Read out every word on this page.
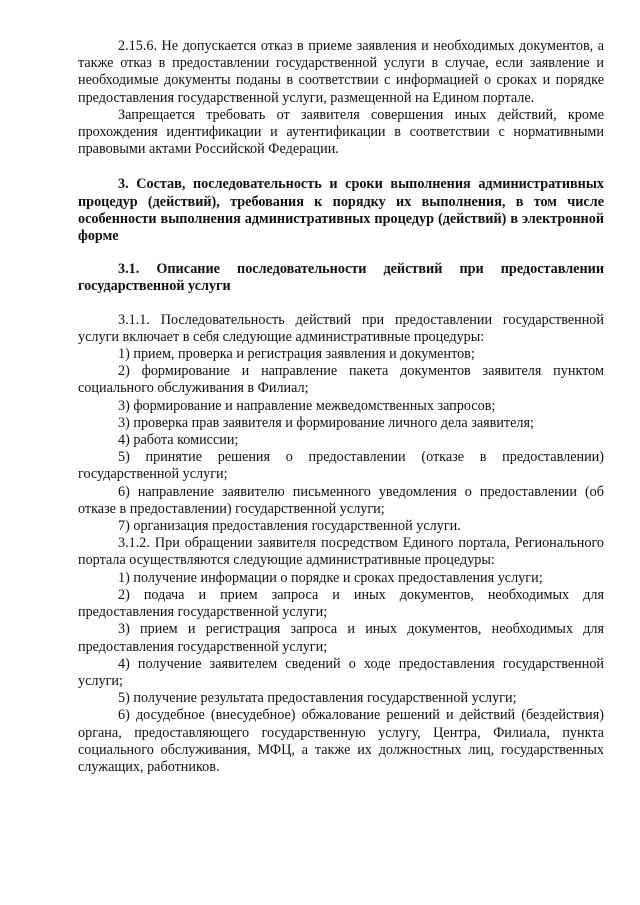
2.15.6. Не допускается отказ в приеме заявления и необходимых документов, а также отказ в предоставлении государственной услуги в случае, если заявление и необходимые документы поданы в соответствии с информацией о сроках и порядке предоставления государственной услуги, размещенной на Едином портале.

Запрещается требовать от заявителя совершения иных действий, кроме прохождения идентификации и аутентификации в соответствии с нормативными правовыми актами Российской Федерации.

3. Состав, последовательность и сроки выполнения административных процедур (действий), требования к порядку их выполнения, в том числе особенности выполнения административных процедур (действий) в электронной форме

3.1. Описание последовательности действий при предоставлении государственной услуги

3.1.1. Последовательность действий при предоставлении государственной услуги включает в себя следующие административные процедуры:

1) прием, проверка и регистрация заявления и документов;

2) формирование и направление пакета документов заявителя пунктом социального обслуживания в Филиал;

3) формирование и направление межведомственных запросов;

3) проверка прав заявителя и формирование личного дела заявителя;

4) работа комиссии;

5) принятие решения о предоставлении (отказе в предоставлении) государственной услуги;

6) направление заявителю письменного уведомления о предоставлении (об отказе в предоставлении) государственной услуги;

7) организация предоставления государственной услуги.

3.1.2. При обращении заявителя посредством Единого портала, Регионального портала осуществляются следующие административные процедуры:

1) получение информации о порядке и сроках предоставления услуги;

2) подача и прием запроса и иных документов, необходимых для предоставления государственной услуги;

3) прием и регистрация запроса и иных документов, необходимых для предоставления государственной услуги;

4) получение заявителем сведений о ходе предоставления государственной услуги;

5) получение результата предоставления государственной услуги;

6) досудебное (внесудебное) обжалование решений и действий (бездействия) органа, предоставляющего государственную услугу, Центра, Филиала, пункта социального обслуживания, МФЦ, а также их должностных лиц, государственных служащих, работников.
